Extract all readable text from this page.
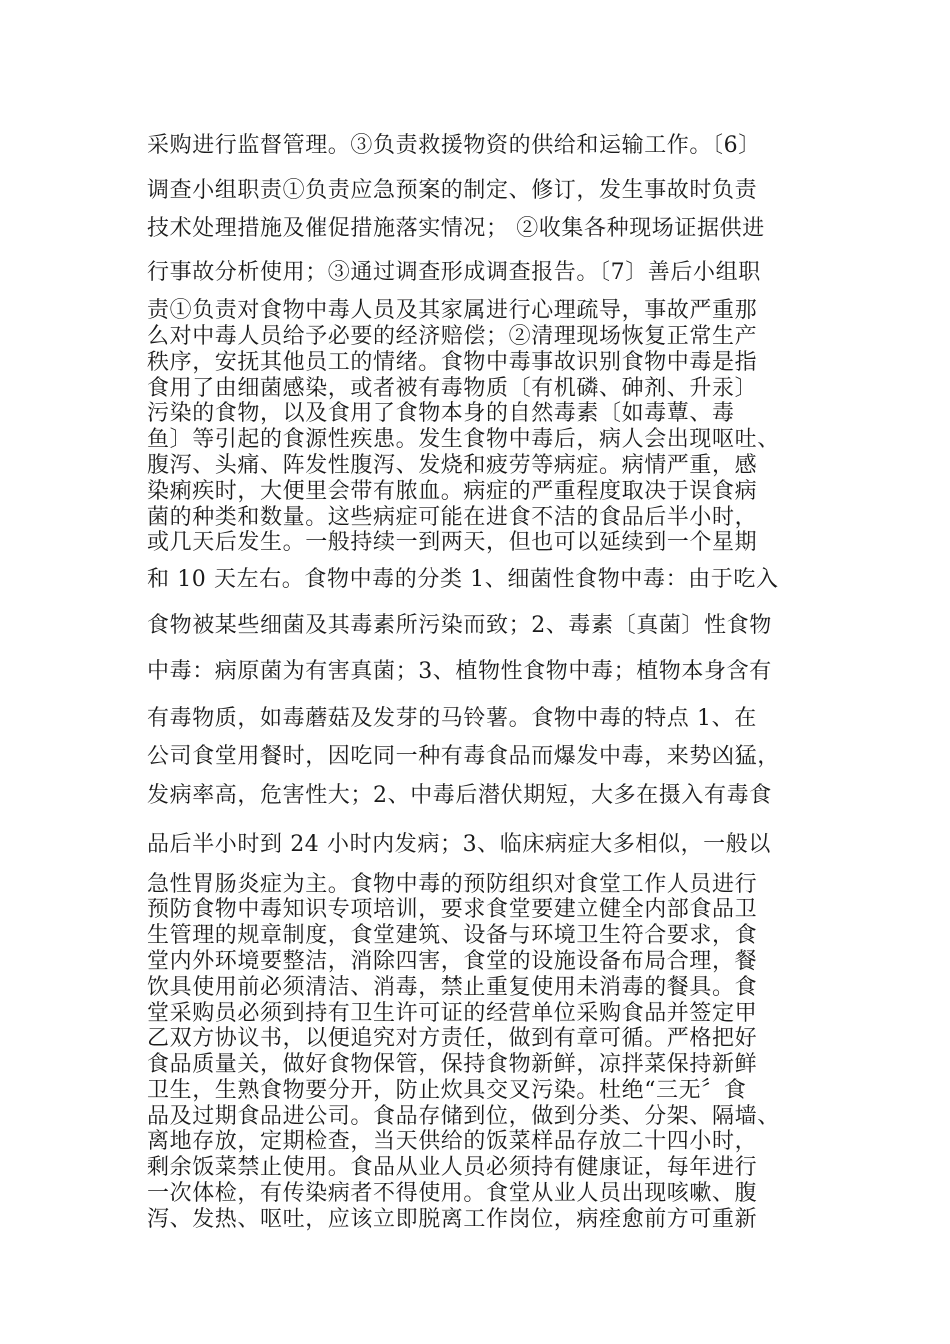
采购进行监督管理。③负责救援物资的供给和运输工作。〔6〕
调查小组职责①负责应急预案的制定、修订，发生事故时负责
技术处理措施及催促措施落实情况； ②收集各种现场证据供进
行事故分析使用；③通过调查形成调查报告。〔7〕善后小组职
责①负责对食物中毒人员及其家属进行心理疏导，事故严重那
么对中毒人员给予必要的经济赔偿；②清理现场恢复正常生产
秩序，安抚其他员工的情绪。食物中毒事故识别食物中毒是指
食用了由细菌感染，或者被有毒物质〔有机磷、砷剂、升汞〕
污染的食物，以及食用了食物本身的自然毒素〔如毒蕈、毒
鱼〕等引起的食源性疾患。发生食物中毒后，病人会出现呕吐、
腹泻、头痛、阵发性腹泻、发烧和疲劳等病症。病情严重，感
染痢疾时，大便里会带有脓血。病症的严重程度取决于误食病
菌的种类和数量。这些病症可能在进食不洁的食品后半小时，
或几天后发生。一般持续一到两天，但也可以延续到一个星期
和 10 天左右。食物中毒的分类 1、细菌性食物中毒：由于吃入
食物被某些细菌及其毒素所污染而致；2、毒素〔真菌〕性食物
中毒：病原菌为有害真菌；3、植物性食物中毒；植物本身含有
有毒物质，如毒蘑菇及发芽的马铃薯。食物中毒的特点 1、在
公司食堂用餐时，因吃同一种有毒食品而爆发中毒，来势凶猛，
发病率高，危害性大；2、中毒后潜伏期短，大多在摄入有毒食
品后半小时到 24 小时内发病；3、临床病症大多相似，一般以
急性胃肠炎症为主。食物中毒的预防组织对食堂工作人员进行
预防食物中毒知识专项培训，要求食堂要建立健全内部食品卫
生管理的规章制度，食堂建筑、设备与环境卫生符合要求，食
堂内外环境要整洁，消除四害，食堂的设施设备布局合理，餐
饮具使用前必须清洁、消毒，禁止重复使用未消毒的餐具。食
堂采购员必须到持有卫生许可证的经营单位采购食品并签定甲
乙双方协议书，以便追究对方责任，做到有章可循。严格把好
食品质量关，做好食物保管，保持食物新鲜，凉拌菜保持新鲜
卫生，生熟食物要分开，防止炊具交叉污染。杜绝“三无〞食
品及过期食品进公司。食品存储到位，做到分类、分架、隔墙、
离地存放，定期检查，当天供给的饭菜样品存放二十四小时，
剩余饭菜禁止使用。食品从业人员必须持有健康证，每年进行
一次体检，有传染病者不得使用。食堂从业人员出现咳嗽、腹
泻、发热、呕吐，应该立即脱离工作岗位，病痊愈前方可重新
